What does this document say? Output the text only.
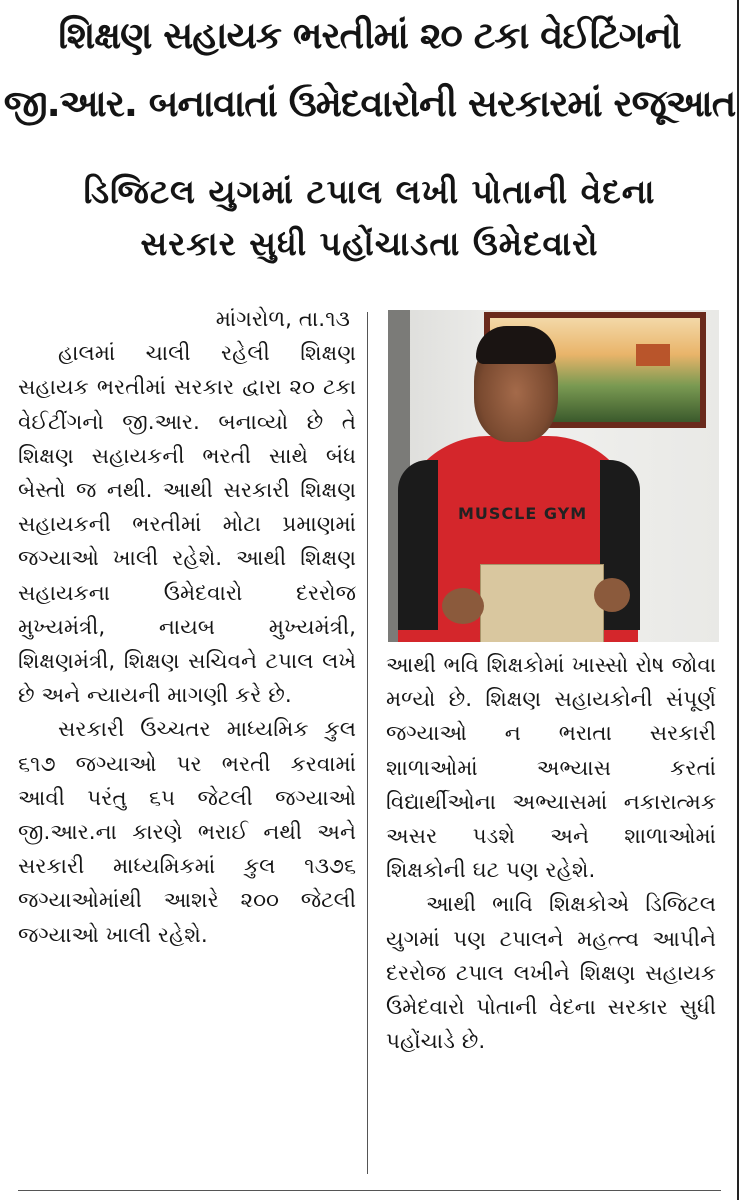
શિક્ષણ સહાયક ભરતીમાં ૨૦ ટકા વેઈટિંગનો
જી.આર. બનાવાતાં ઉમેદવારોની સરકારમાં રજૂઆત
ડિજિટલ યુગમાં ટપાલ લખી પોતાની વેદના
સરકાર સુધી પહોંચાડતા ઉમેદવારો

માંગરોળ, તા.૧૩

હાલમાં ચાલી રહેલી શિક્ષણ સહાયક ભરતીમાં સરકાર દ્વારા ૨૦ ટકા વેઈટીંગનો જી.આર. બનાવ્યો છે તે શિક્ષણ સહાયકની ભરતી સાથે બંધ બેસ્તો જ નથી. આથી સરકારી શિક્ષણ સહાયકની ભરતીમાં મોટા પ્રમાણમાં જગ્યાઓ ખાલી રહેશે. આથી શિક્ષણ સહાયકના ઉમેદવારો દરરોજ મુખ્યમંત્રી, નાયબ મુખ્યમંત્રી, શિક્ષણમંત્રી, શિક્ષણ સચિવને ટપાલ લખે છે અને ન્યાયની માગણી કરે છે.

સરકારી ઉચ્ચતર માધ્યમિક કુલ ૬૧૭ જગ્યાઓ પર ભરતી કરવામાં આવી પરંતુ ૬૫ જેટલી જગ્યાઓ જી.આર.ના કારણે ભરાઈ નથી અને સરકારી માધ્યમિકમાં કુલ ૧૩૭૬ જગ્યાઓમાંથી આશરે ૨૦૦ જેટલી જગ્યાઓ ખાલી રહેશે.

MUSCLE GYM

આથી ભવિ શિક્ષકોમાં ખાસ્સો રોષ જોવા મળ્યો છે. શિક્ષણ સહાયકોની સંપૂર્ણ જગ્યાઓ ન ભરાતા સરકારી શાળાઓમાં અભ્યાસ કરતાં વિદ્યાર્થીઓના અભ્યાસમાં નકારાત્મક અસર પડશે અને શાળાઓમાં શિક્ષકોની ઘટ પણ રહેશે.

આથી ભાવિ શિક્ષકોએ ડિજિટલ યુગમાં પણ ટપાલને મહત્ત્વ આપીને દરરોજ ટપાલ લખીને શિક્ષણ સહાયક ઉમેદવારો પોતાની વેદના સરકાર સુધી પહોંચાડે છે.
